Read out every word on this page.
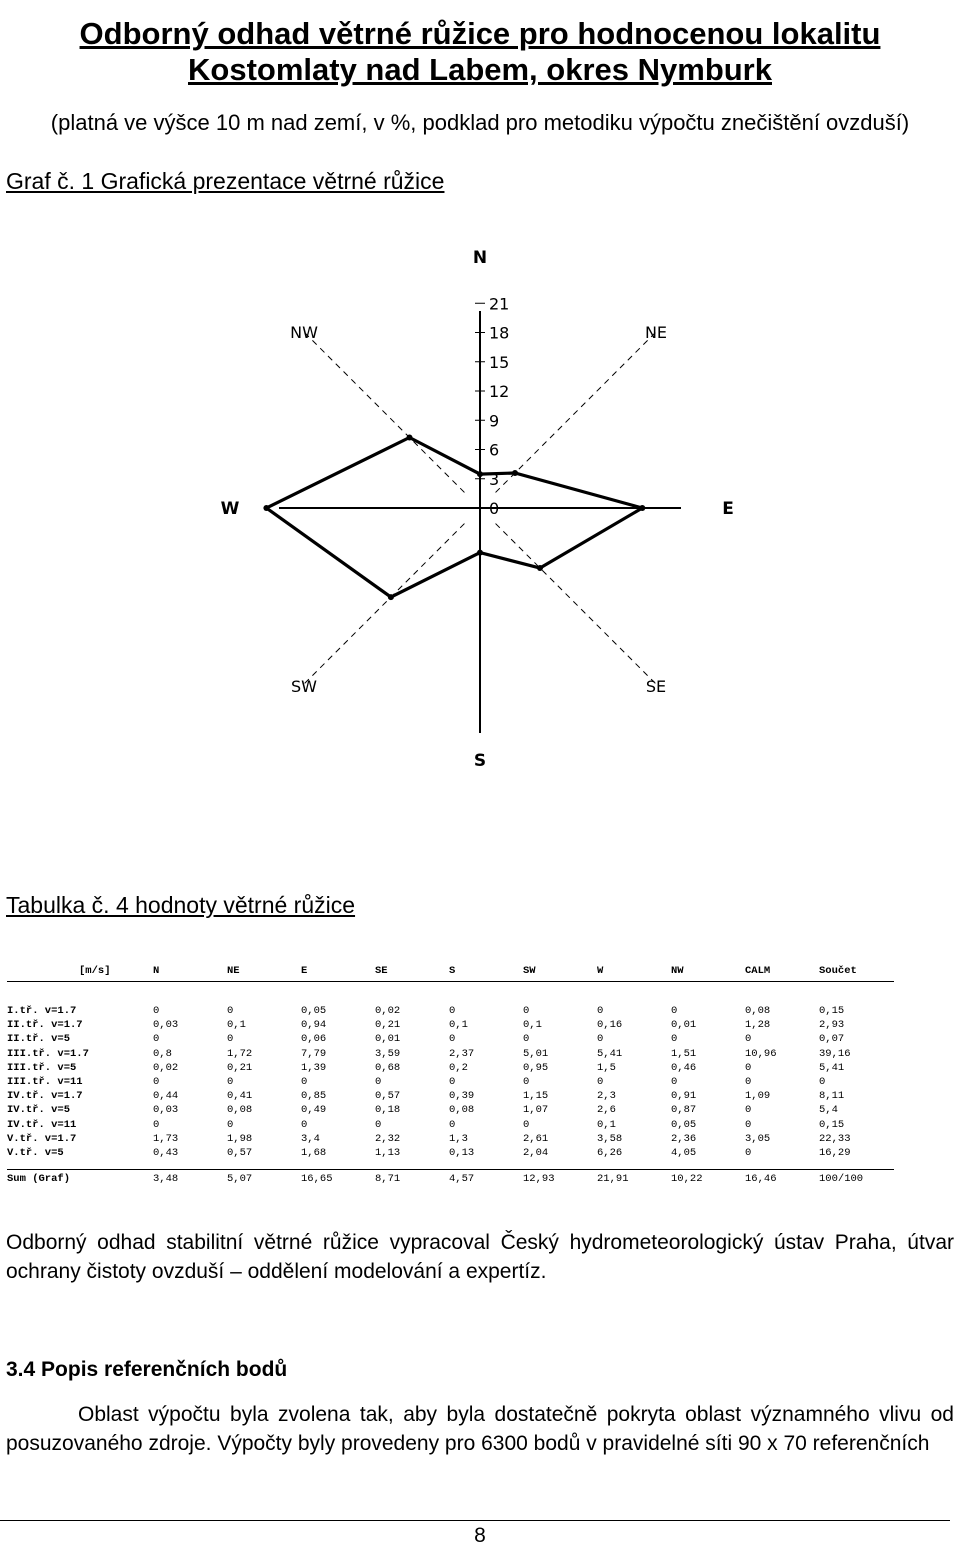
Odborný odhad větrné růžice pro hodnocenou lokalitu
Kostomlaty nad Labem, okres Nymburk
(platná ve výšce 10 m nad zemí, v %, podklad pro metodiku výpočtu znečištění ovzduší)
Graf č. 1 Grafická prezentace větrné růžice
0
3
6
9
12
15
18
21
N
NE
E
SE
S
SW
W
NW
Tabulka č. 4 hodnoty větrné růžice
[m/s]	N	NE	E	SE	S	SW	W	NW	CALM	Součet
I.tř. v=1.7	0	0	0,05	0,02	0	0	0	0	0,08	0,15
II.tř. v=1.7	0,03	0,1	0,94	0,21	0,1	0,1	0,16	0,01	1,28	2,93
II.tř. v=5	0	0	0,06	0,01	0	0	0	0	0	0,07
III.tř. v=1.7	0,8	1,72	7,79	3,59	2,37	5,01	5,41	1,51	10,96	39,16
III.tř. v=5	0,02	0,21	1,39	0,68	0,2	0,95	1,5	0,46	0	5,41
III.tř. v=11	0	0	0	0	0	0	0	0	0	0
IV.tř. v=1.7	0,44	0,41	0,85	0,57	0,39	1,15	2,3	0,91	1,09	8,11
IV.tř. v=5	0,03	0,08	0,49	0,18	0,08	1,07	2,6	0,87	0	5,4
IV.tř. v=11	0	0	0	0	0	0	0,1	0,05	0	0,15
V.tř. v=1.7	1,73	1,98	3,4	2,32	1,3	2,61	3,58	2,36	3,05	22,33
V.tř. v=5	0,43	0,57	1,68	1,13	0,13	2,04	6,26	4,05	0	16,29
Sum (Graf)	3,48	5,07	16,65	8,71	4,57	12,93	21,91	10,22	16,46	100/100
Odborný odhad stabilitní větrné růžice vypracoval Český hydrometeorologický ústav Praha, útvar ochrany čistoty ovzduší – oddělení modelování a expertíz.
3.4 Popis referenčních bodů
Oblast výpočtu byla zvolena tak, aby byla dostatečně pokryta oblast významného vlivu od posuzovaného zdroje. Výpočty byly provedeny pro 6300 bodů v pravidelné síti 90 x 70 referenčních
8
